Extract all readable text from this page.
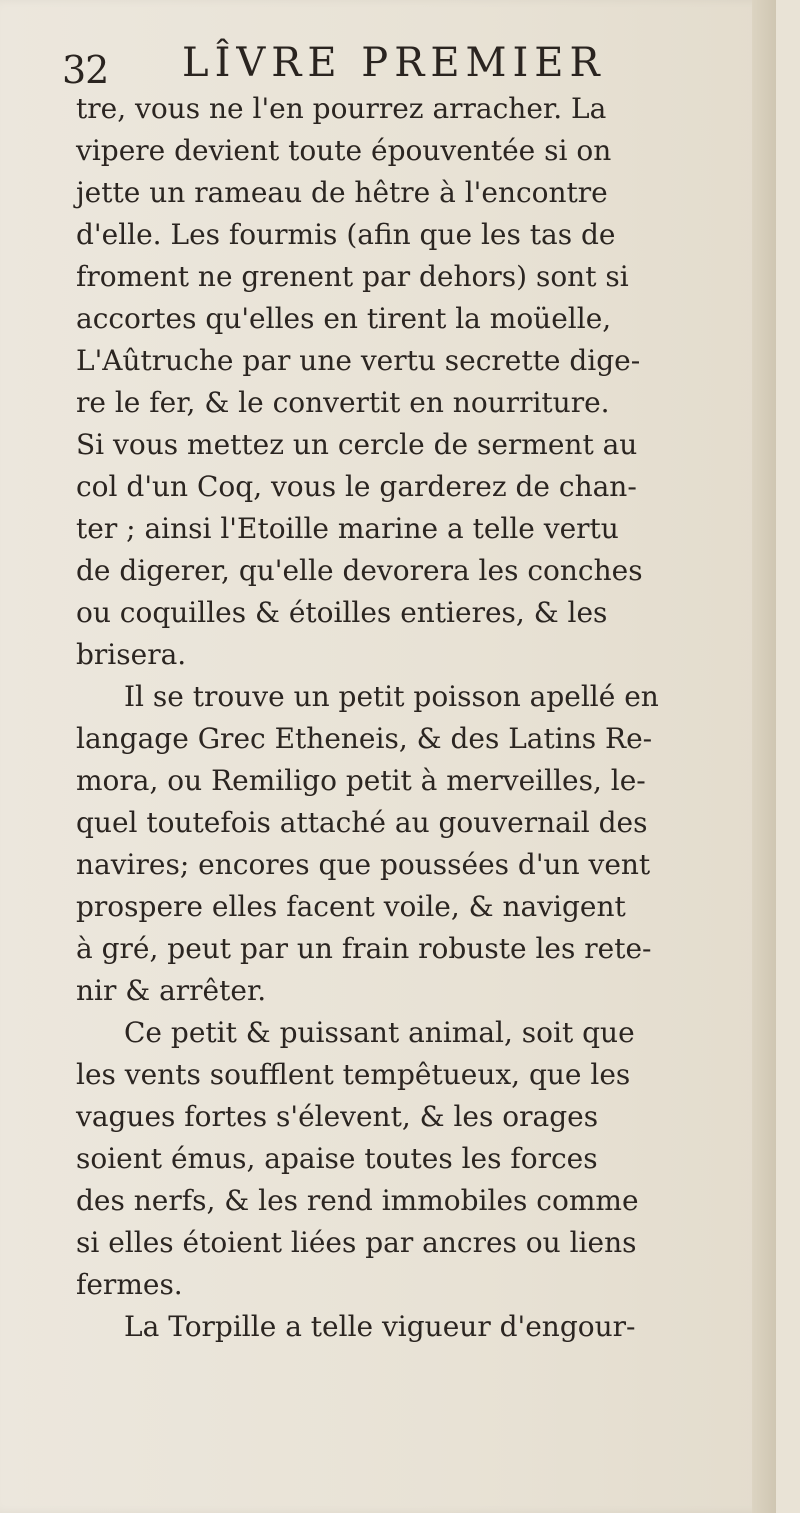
32 LÎVRE PREMIER
tre, vous ne l'en pourrez arracher. La
vipere devient toute épouventée si on
jette un rameau de hêtre à l'encontre
d'elle. Les fourmis (afin que les tas de
froment ne grenent par dehors) sont si
accortes qu'elles en tirent la moüelle,
L'Aûtruche par une vertu secrette dige-
re le fer, & le convertit en nourriture.
Si vous mettez un cercle de serment au
col d'un Coq, vous le garderez de chan-
ter ; ainsi l'Etoille marine a telle vertu
de digerer, qu'elle devorera les conches
ou coquilles & étoilles entieres, & les
brisera.
Il se trouve un petit poisson apellé en
langage Grec Etheneis, & des Latins Re-
mora, ou Remiligo petit à merveilles, le-
quel toutefois attaché au gouvernail des
navires; encores que poussées d'un vent
prospere elles facent voile, & navigent
à gré, peut par un frain robuste les rete-
nir & arrêter.
Ce petit & puissant animal, soit que
les vents soufflent tempêtueux, que les
vagues fortes s'élevent, & les orages
soient émus, apaise toutes les forces
des nerfs, & les rend immobiles comme
si elles étoient liées par ancres ou liens
fermes.
La Torpille a telle vigueur d'engour-
